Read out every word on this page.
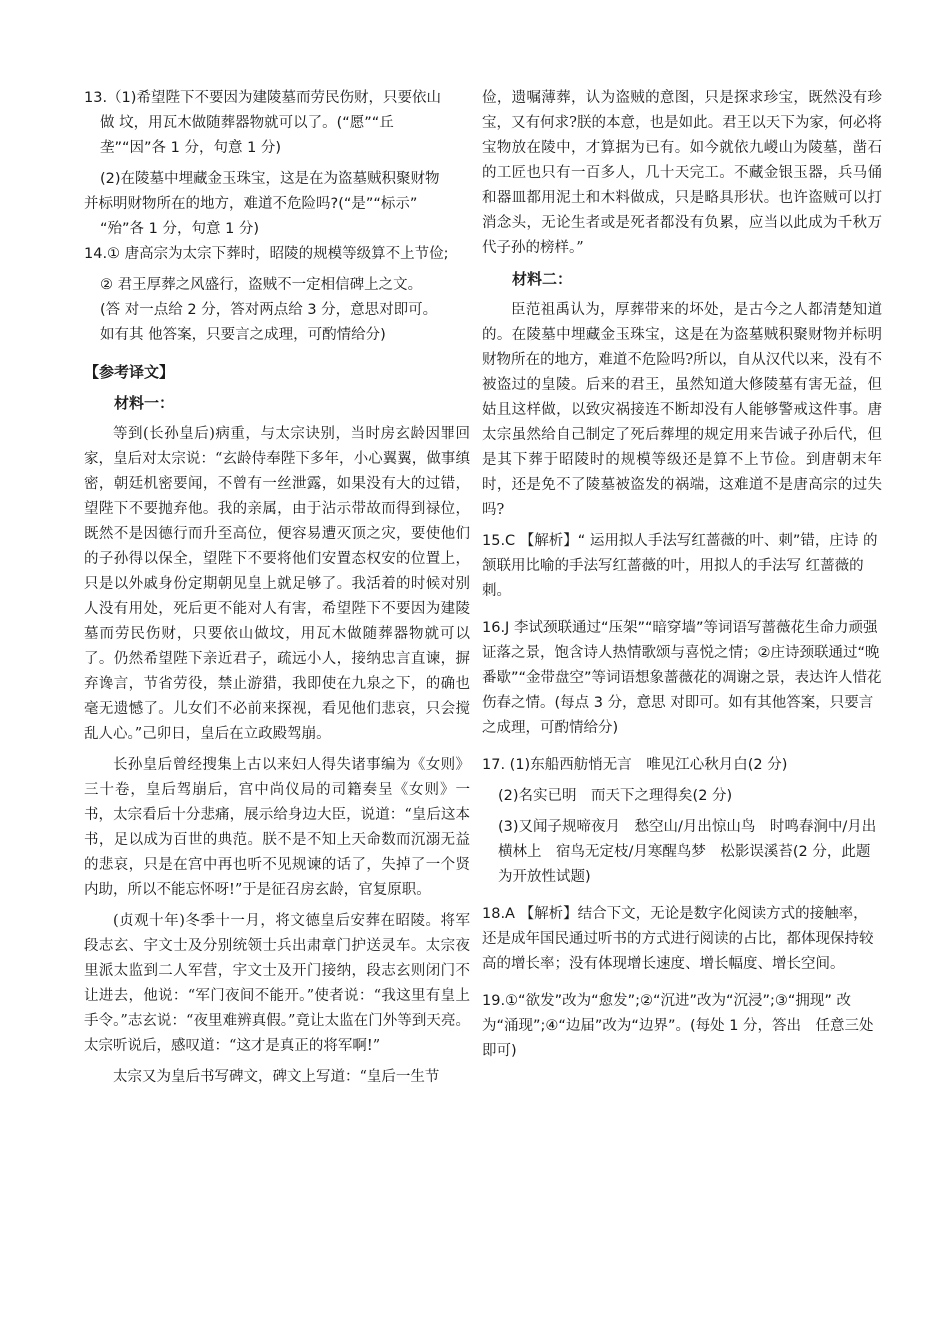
13.（1)希望陛下不要因为建陵墓而劳民伤财，只要依山

做 坟，用瓦木做随葬器物就可以了。(“愿”“丘

垄”“因”各 1 分，句意 1 分)

(2)在陵墓中埋藏金玉珠宝，这是在为盗墓贼积聚财物

并标明财物所在的地方，难道不危险吗?(“是”“标示”

“殆”各 1 分，句意 1 分)

14.① 唐高宗为太宗下葬时，昭陵的规模等级算不上节俭;

② 君王厚葬之风盛行，盗贼不一定相信碑上之文。

(答 对一点给 2 分，答对两点给 3 分，意思对即可。

如有其 他答案，只要言之成理，可酌情给分)

【参考译文】

材料一：

等到(长孙皇后)病重，与太宗诀别，当时房玄龄因罪回家，皇后对太宗说：“玄龄侍奉陛下多年，小心翼翼，做事缜密，朝廷机密要闻，不曾有一丝泄露，如果没有大的过错，望陛下不要抛弃他。我的亲属，由于沾示带故而得到禄位，既然不是因德行而升至高位，便容易遭灭顶之灾，要使他们的子孙得以保全，望陛下不要将他们安置态权安的位置上，只是以外戚身份定期朝见皇上就足够了。我活着的时候对别人没有用处，死后更不能对人有害，希望陛下不要因为建陵墓而劳民伤财，只要依山做坟，用瓦木做随葬器物就可以了。仍然希望陛下亲近君子，疏远小人，接纳忠言直谏，摒弃谗言，节省劳役，禁止游猎，我即使在九泉之下，的确也毫无遗憾了。儿女们不必前来探视，看见他们悲哀，只会搅乱人心。”己卯日，皇后在立政殿驾崩。

长孙皇后曾经搜集上古以来妇人得失诸事编为《女则》三十卷，皇后驾崩后，宫中尚仪局的司籍奏呈《女则》一书，太宗看后十分悲痛，展示给身边大臣，说道：“皇后这本书，足以成为百世的典范。朕不是不知上天命数而沉溺无益的悲哀，只是在宫中再也听不见规谏的话了，失掉了一个贤内助，所以不能忘怀呀!”于是征召房玄龄，官复原职。

(贞观十年)冬季十一月，将文德皇后安葬在昭陵。将军段志玄、宇文士及分别统领士兵出肃章门护送灵车。太宗夜里派太监到二人军营，宇文士及开门接纳，段志玄则闭门不让进去，他说：“军门夜间不能开。”使者说：“我这里有皇上手令。”志玄说：“夜里难辨真假。”竟让太监在门外等到天亮。太宗听说后，感叹道：“这才是真正的将军啊!”

太宗又为皇后书写碑文，碑文上写道：“皇后一生节

俭，遗嘱薄葬，认为盗贼的意图，只是探求珍宝，既然没有珍宝，又有何求?朕的本意，也是如此。君王以天下为家，何必将宝物放在陵中，才算据为已有。如今就依九嵕山为陵墓，凿石的工匠也只有一百多人，几十天完工。不藏金银玉器，兵马俑和器皿都用泥土和木料做成，只是略具形状。也许盗贼可以打消念头，无论生者或是死者都没有负累，应当以此成为千秋万代子孙的榜样。”

材料二：

臣范祖禹认为，厚葬带来的坏处，是古今之人都清楚知道的。在陵墓中埋藏金玉珠宝，这是在为盗墓贼积聚财物并标明财物所在的地方，难道不危险吗?所以，自从汉代以来，没有不被盗过的皇陵。后来的君王，虽然知道大修陵墓有害无益，但姑且这样做，以致灾祸接连不断却没有人能够警戒这件事。唐太宗虽然给自己制定了死后葬埋的规定用来告诫子孙后代，但是其下葬于昭陵时的规模等级还是算不上节俭。到唐朝末年时，还是免不了陵墓被盗发的祸端，这难道不是唐高宗的过失吗?

15.C 【解析】“ 运用拟人手法写红蔷薇的叶、刺”错，庄诗 的颔联用比喻的手法写红蔷薇的叶，用拟人的手法写 红蔷薇的刺。

16.J 李试颈联通过“压架”“暗穿墙”等词语写蔷薇花生命力顽强证落之景，饱含诗人热情歌颂与喜悦之情；②庄诗颈联通过“晚番歇”“金带盘空”等词语想象蔷薇花的凋谢之景，表达许人惜花伤春之情。(每点 3 分，意思 对即可。如有其他答案，只要言之成理，可酌情给分)

17. (1)东船西舫悄无言　唯见江心秋月白(2 分)

(2)名实已明　而天下之理得矣(2 分)

(3)又闻子规啼夜月　愁空山/月出惊山鸟　时鸣春涧中/月出横林上　宿鸟无定枝/月寒醒鸟梦　松影误溪苔(2 分，此题为开放性试题)

18.A 【解析】结合下文，无论是数字化阅读方式的接触率，还是成年国民通过听书的方式进行阅读的占比，都体现保持较高的增长率；没有体现增长速度、增长幅度、增长空间。

19.①“欲发”改为“愈发”;②“沉进”改为“沉浸”;③“拥现” 改为“涌现”;④“边届”改为“边界”。(每处 1 分，答出　任意三处即可)
